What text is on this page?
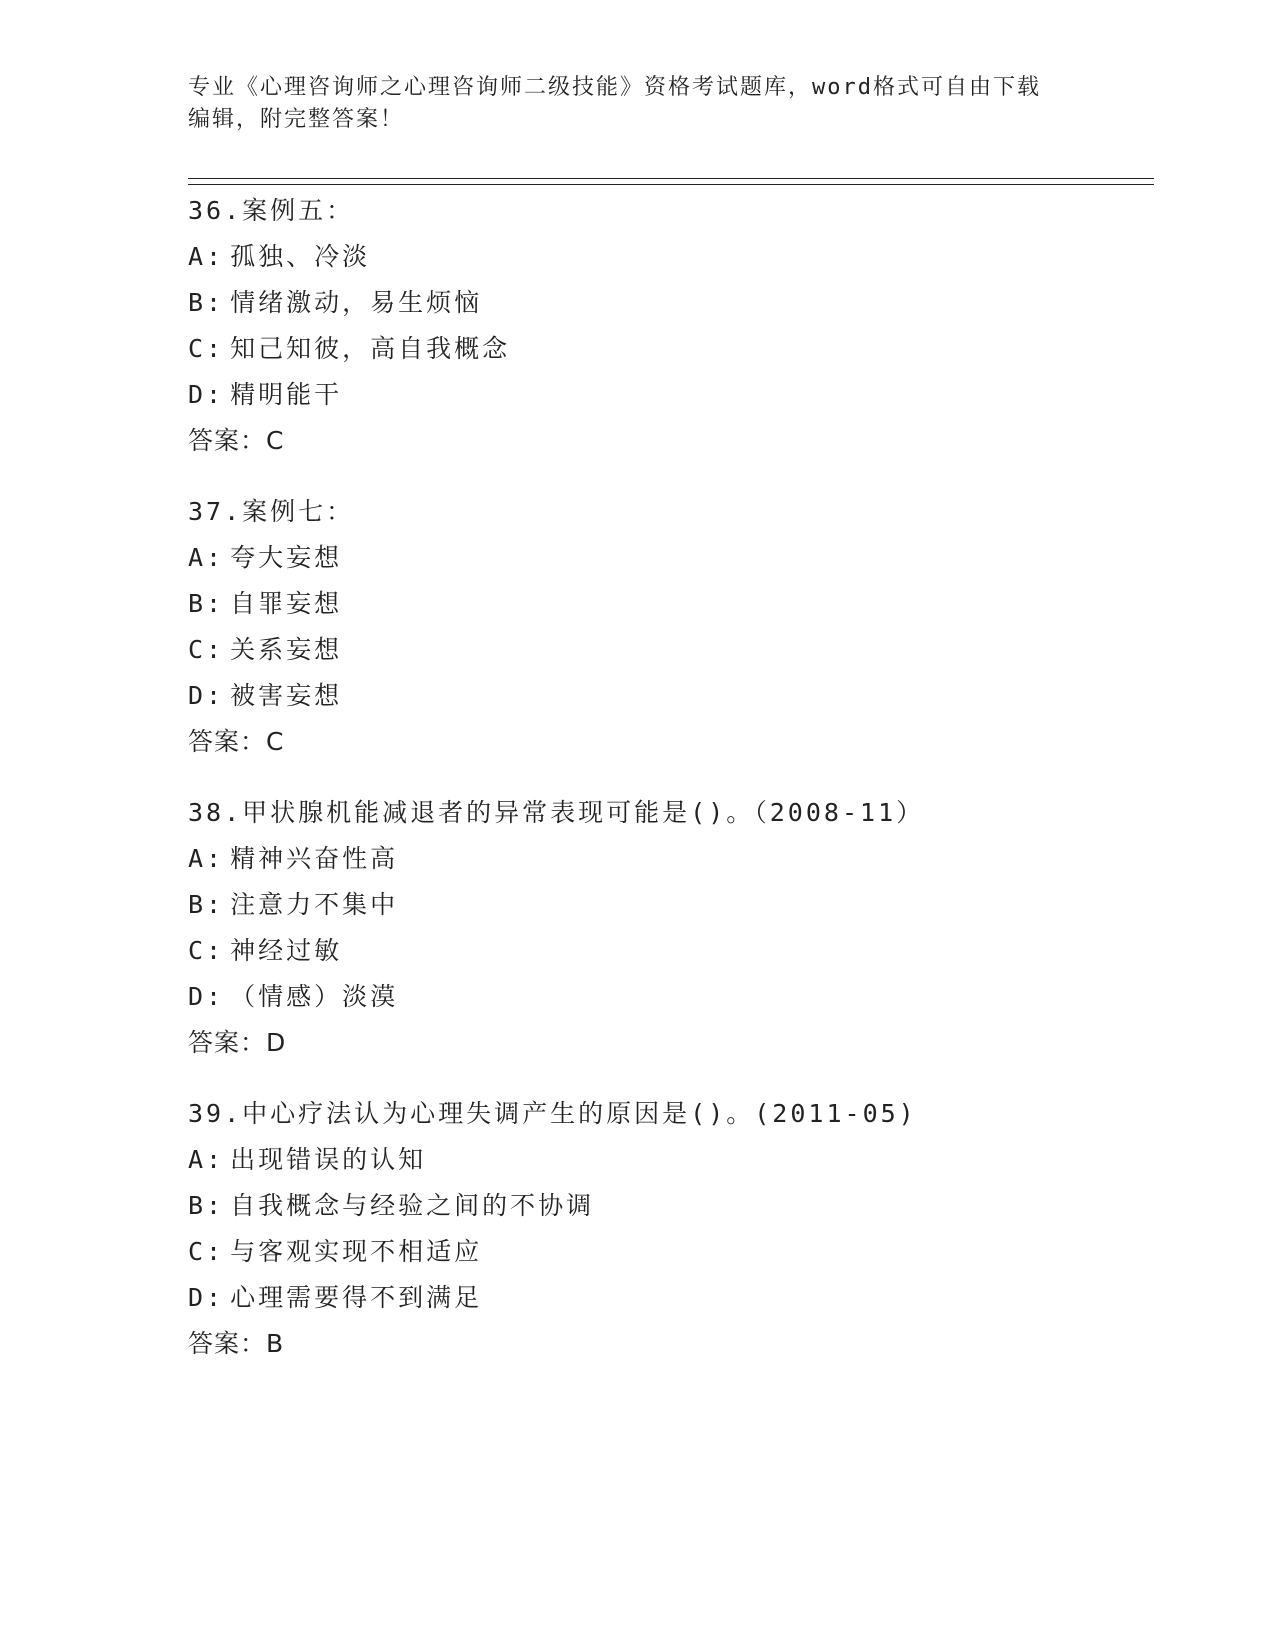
专业《心理咨询师之心理咨询师二级技能》资格考试题库，word格式可自由下载
编辑，附完整答案！
36.案例五：
A: 孤独、冷淡
B: 情绪激动，易生烦恼
C: 知己知彼，高自我概念
D: 精明能干
答案：C
37.案例七：
A: 夸大妄想
B: 自罪妄想
C: 关系妄想
D: 被害妄想
答案：C
38.甲状腺机能减退者的异常表现可能是()。（2008-11）
A: 精神兴奋性高
B: 注意力不集中
C: 神经过敏
D: （情感）淡漠
答案：D
39.中心疗法认为心理失调产生的原因是()。(2011-05)
A: 出现错误的认知
B: 自我概念与经验之间的不协调
C: 与客观实现不相适应
D: 心理需要得不到满足
答案：B
